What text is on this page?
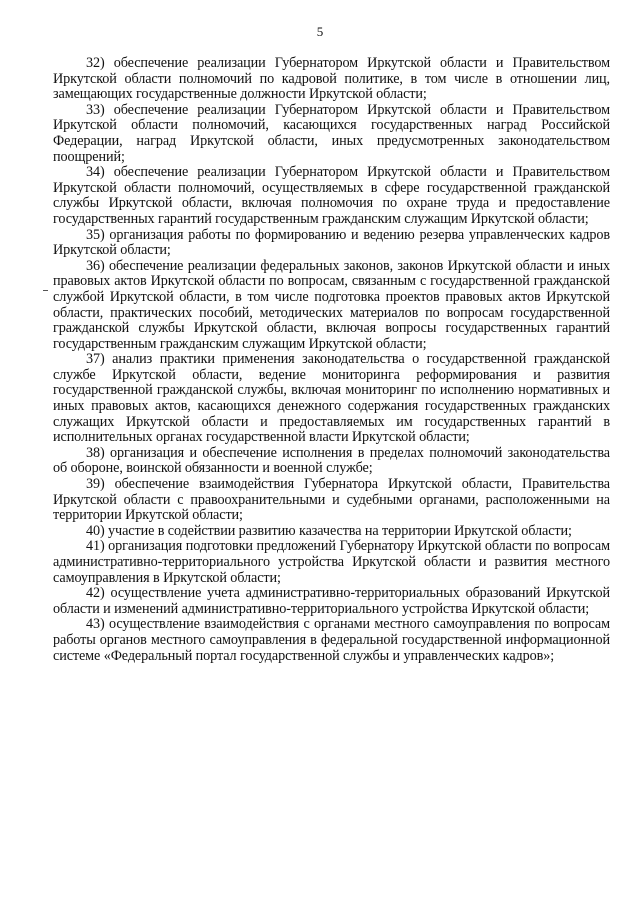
5

32) обеспечение реализации Губернатором Иркутской области и Правительством Иркутской области полномочий по кадровой политике, в том числе в отношении лиц, замещающих государственные должности Иркутской области;

33) обеспечение реализации Губернатором Иркутской области и Правительством Иркутской области полномочий, касающихся государственных наград Российской Федерации, наград Иркутской области, иных предусмотренных законодательством поощрений;

34) обеспечение реализации Губернатором Иркутской области и Правительством Иркутской области полномочий, осуществляемых в сфере государственной гражданской службы Иркутской области, включая полномочия по охране труда и предоставление государственных гарантий государственным гражданским служащим Иркутской области;

35) организация работы по формированию и ведению резерва управленческих кадров Иркутской области;

36) обеспечение реализации федеральных законов, законов Иркутской области и иных правовых актов Иркутской области по вопросам, связанным с государственной гражданской службой Иркутской области, в том числе подготовка проектов правовых актов Иркутской области, практических пособий, методических материалов по вопросам государственной гражданской службы Иркутской области, включая вопросы государственных гарантий государственным гражданским служащим Иркутской области;

37) анализ практики применения законодательства о государственной гражданской службе Иркутской области, ведение мониторинга реформирования и развития государственной гражданской службы, включая мониторинг по исполнению нормативных и иных правовых актов, касающихся денежного содержания государственных гражданских служащих Иркутской области и предоставляемых им государственных гарантий в исполнительных органах государственной власти Иркутской области;

38) организация и обеспечение исполнения в пределах полномочий законодательства об обороне, воинской обязанности и военной службе;

39) обеспечение взаимодействия Губернатора Иркутской области, Правительства Иркутской области с правоохранительными и судебными органами, расположенными на территории Иркутской области;

40) участие в содействии развитию казачества на территории Иркутской области;

41) организация подготовки предложений Губернатору Иркутской области по вопросам административно-территориального устройства Иркутской области и развития местного самоуправления в Иркутской области;

42) осуществление учета административно-территориальных образований Иркутской области и изменений административно-территориального устройства Иркутской области;

43) осуществление взаимодействия с органами местного самоуправления по вопросам работы органов местного самоуправления в федеральной государственной информационной системе «Федеральный портал государственной службы и управленческих кадров»;
